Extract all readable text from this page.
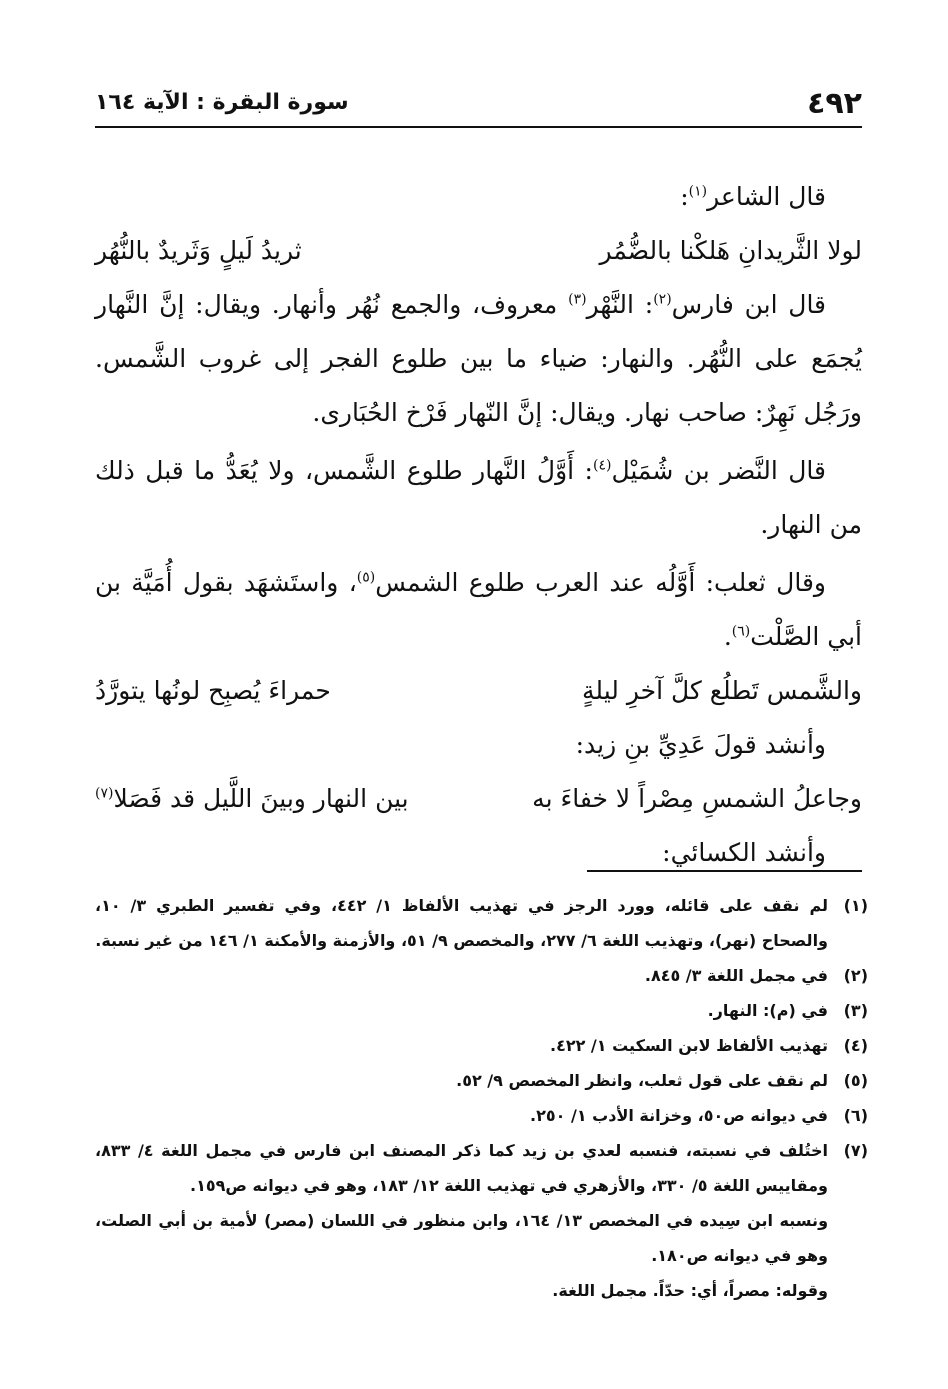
٤٩٢
سورة البقرة : الآية ١٦٤

قال الشاعر$^{(١)}$:

لولا الثَّريدانِ هَلكْنا بالضُّمُر
ثريدُ لَيلٍ وَثَريدٌ بالنُّهُر

قال ابن فارس$^{(٢)}$: النَّهْر$^{(٣)}$ معروف، والجمع نُهُر وأنهار. ويقال: إنَّ النَّهار يُجمَع على النُّهُر. والنهار: ضياء ما بين طلوع الفجر إلى غروب الشَّمس. ورَجُل نَهِرٌ: صاحب نهار. ويقال: إنَّ النّهار فَرْخ الحُبَارى.

قال النَّضر بن شُمَيْل$^{(٤)}$: أَوَّلُ النَّهار طلوع الشَّمس، ولا يُعَدُّ ما قبل ذلك من النهار.

وقال ثعلب: أَوَّلُه عند العرب طلوع الشمس$^{(٥)}$، واستَشهَد بقول أُمَيَّة بن أبي الصَّلْت$^{(٦)}$.

والشَّمس تَطلُع كلَّ آخرِ ليلةٍ
حمراءَ يُصبِح لونُها يتورَّدُ

وأنشد قولَ عَدِيِّ بنِ زيد:

وجاعلُ الشمسِ مِصْراً لا خفاءَ به
بين النهار وبينَ اللَّيل قد فَصَلا$^{(٧)}$

وأنشد الكسائي:

(١)
لم نقف على قائله، وورد الرجز في تهذيب الألفاظ ١/ ٤٤٢، وفي تفسير الطبري ٣/ ١٠، والصحاح (نهر)، وتهذيب اللغة ٦/ ٢٧٧، والمخصص ٩/ ٥١، والأزمنة والأمكنة ١/ ١٤٦ من غير نسبة.
(٢)
في مجمل اللغة ٣/ ٨٤٥.
(٣)
في (م): النهار.
(٤)
تهذيب الألفاظ لابن السكيت ١/ ٤٢٢.
(٥)
لم نقف على قول ثعلب، وانظر المخصص ٩/ ٥٢.
(٦)
في ديوانه ص٥٠، وخزانة الأدب ١/ ٢٥٠.
(٧)
اختُلف في نسبته، فنسبه لعدي بن زيد كما ذكر المصنف ابن فارس في مجمل اللغة ٤/ ٨٣٣، ومقاييس اللغة ٥/ ٣٣٠، والأزهري في تهذيب اللغة ١٢/ ١٨٣، وهو في ديوانه ص١٥٩.
ونسبه ابن سِيده في المخصص ١٣/ ١٦٤، وابن منظور في اللسان (مصر) لأمية بن أبي الصلت، وهو في ديوانه ص١٨٠.
وقوله: مصراً، أي: حدّاً. مجمل اللغة.
